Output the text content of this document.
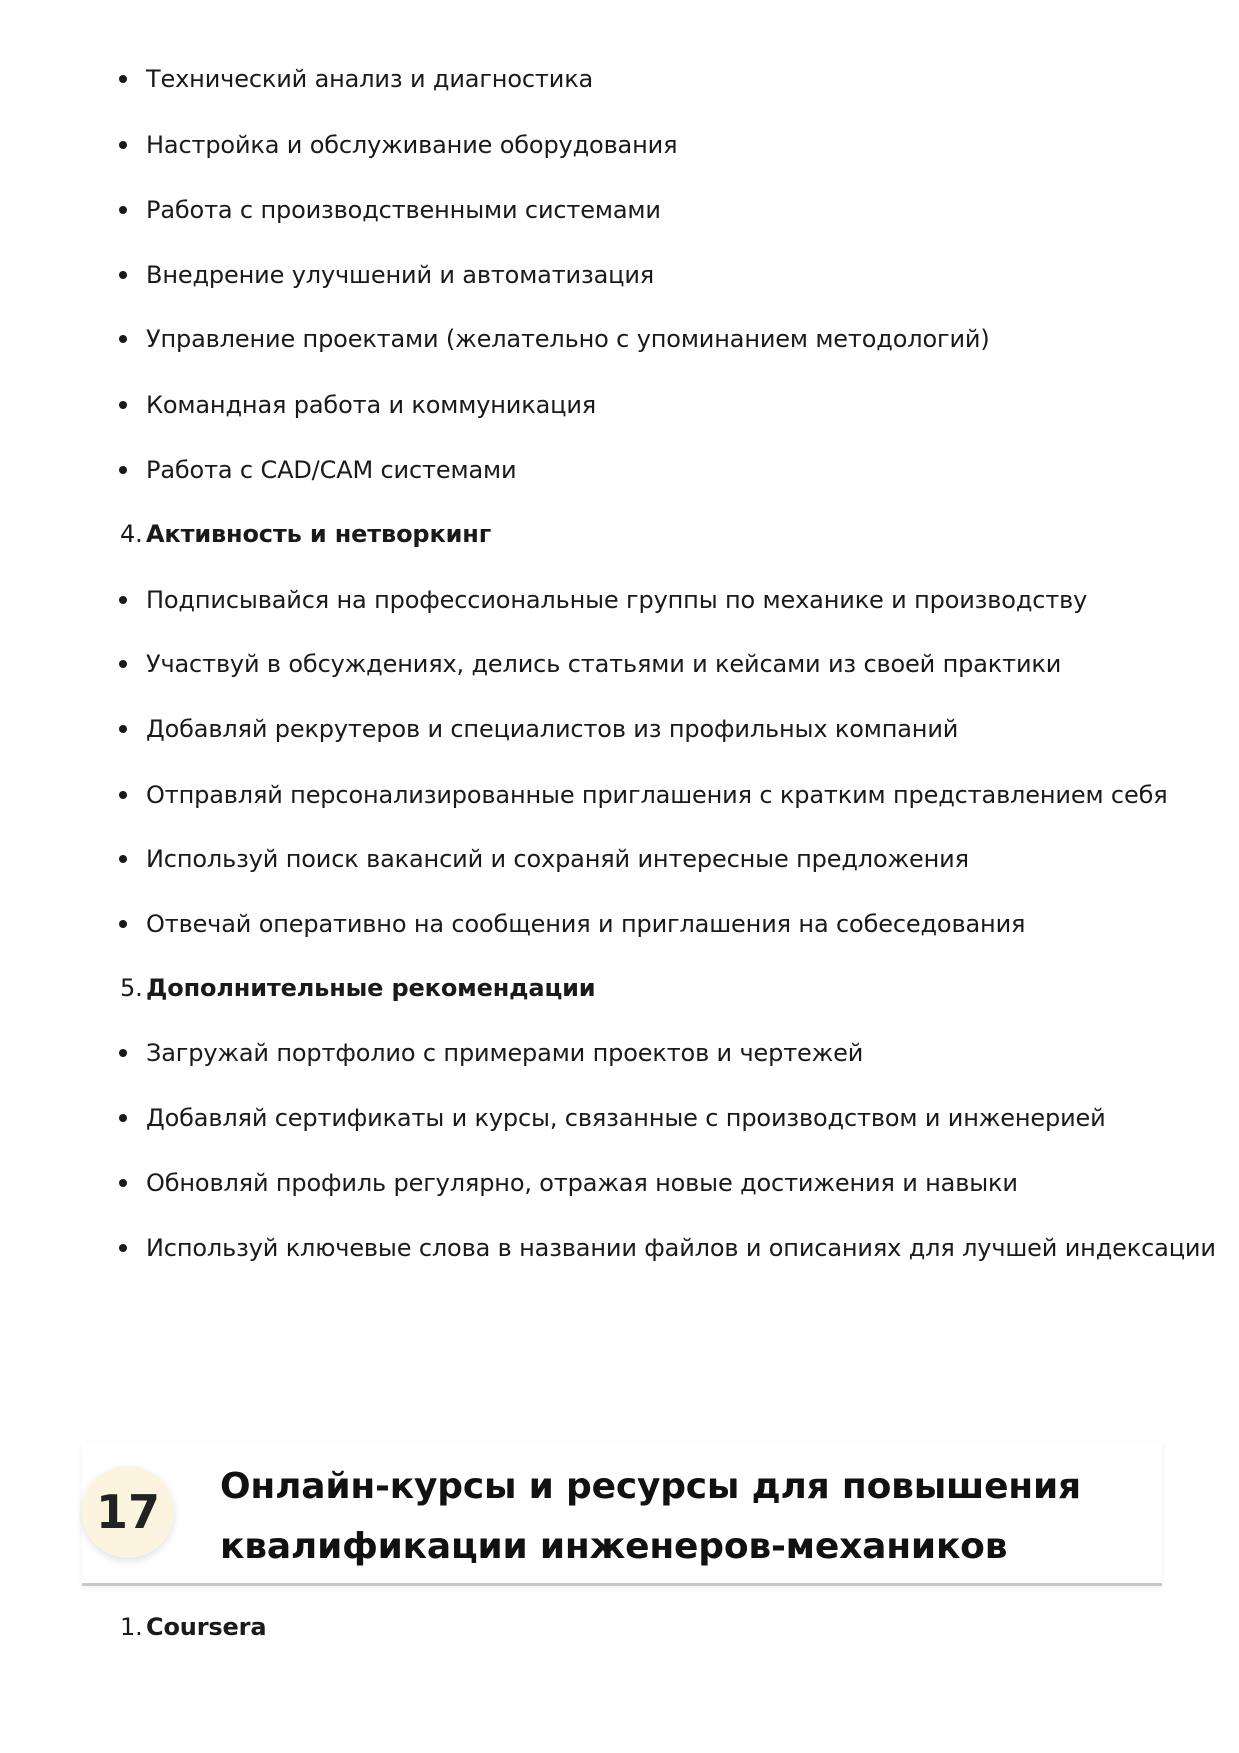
Технический анализ и диагностика
Настройка и обслуживание оборудования
Работа с производственными системами
Внедрение улучшений и автоматизация
Управление проектами (желательно с упоминанием методологий)
Командная работа и коммуникация
Работа с CAD/CAM системами
4. Активность и нетворкинг
Подписывайся на профессиональные группы по механике и производству
Участвуй в обсуждениях, делись статьями и кейсами из своей практики
Добавляй рекрутеров и специалистов из профильных компаний
Отправляй персонализированные приглашения с кратким представлением себя
Используй поиск вакансий и сохраняй интересные предложения
Отвечай оперативно на сообщения и приглашения на собеседования
5. Дополнительные рекомендации
Загружай портфолио с примерами проектов и чертежей
Добавляй сертификаты и курсы, связанные с производством и инженерией
Обновляй профиль регулярно, отражая новые достижения и навыки
Используй ключевые слова в названии файлов и описаниях для лучшей индексации
17	Онлайн-курсы и ресурсы для повышения
квалификации инженеров-механиков
1. Coursera
